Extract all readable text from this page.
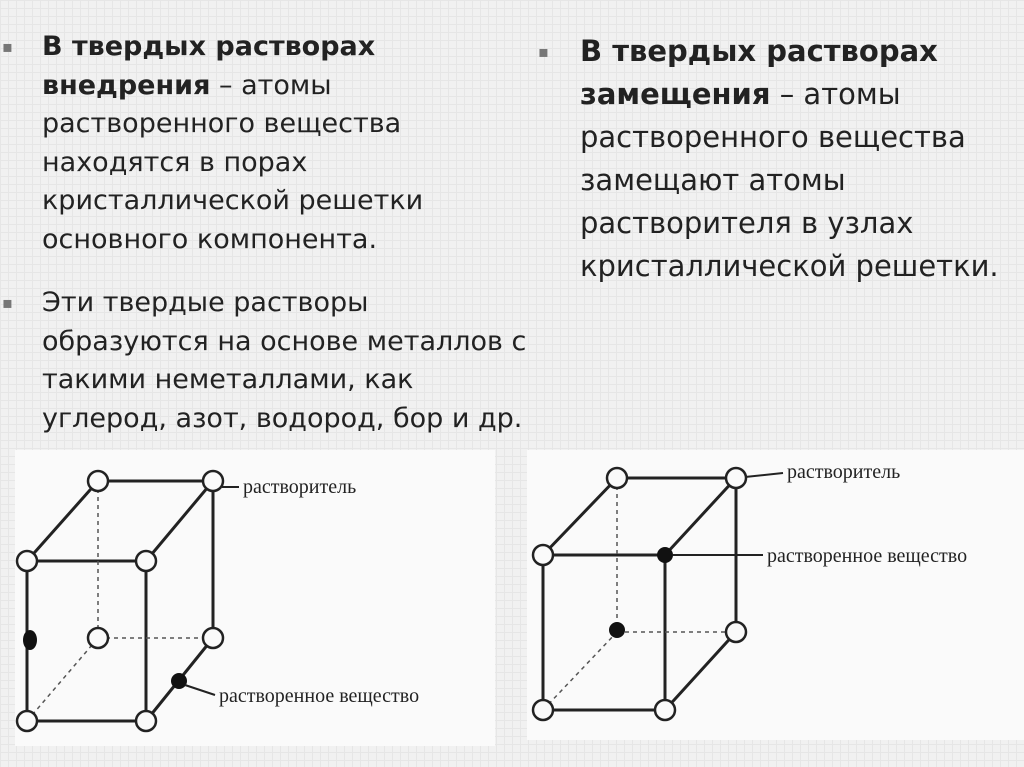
▪	В твердых растворах внедрения – атомы растворенного вещества находятся в порах кристаллической решетки основного компонента.
▪	Эти твердые растворы образуются на основе металлов с такими неметаллами, как углерод, азот, водород, бор и др.
▪	В твердых растворах замещения – атомы растворенного вещества замещают атомы растворителя в узлах кристаллической решетки.
растворитель
растворенное вещество
растворитель
растворенное вещество
